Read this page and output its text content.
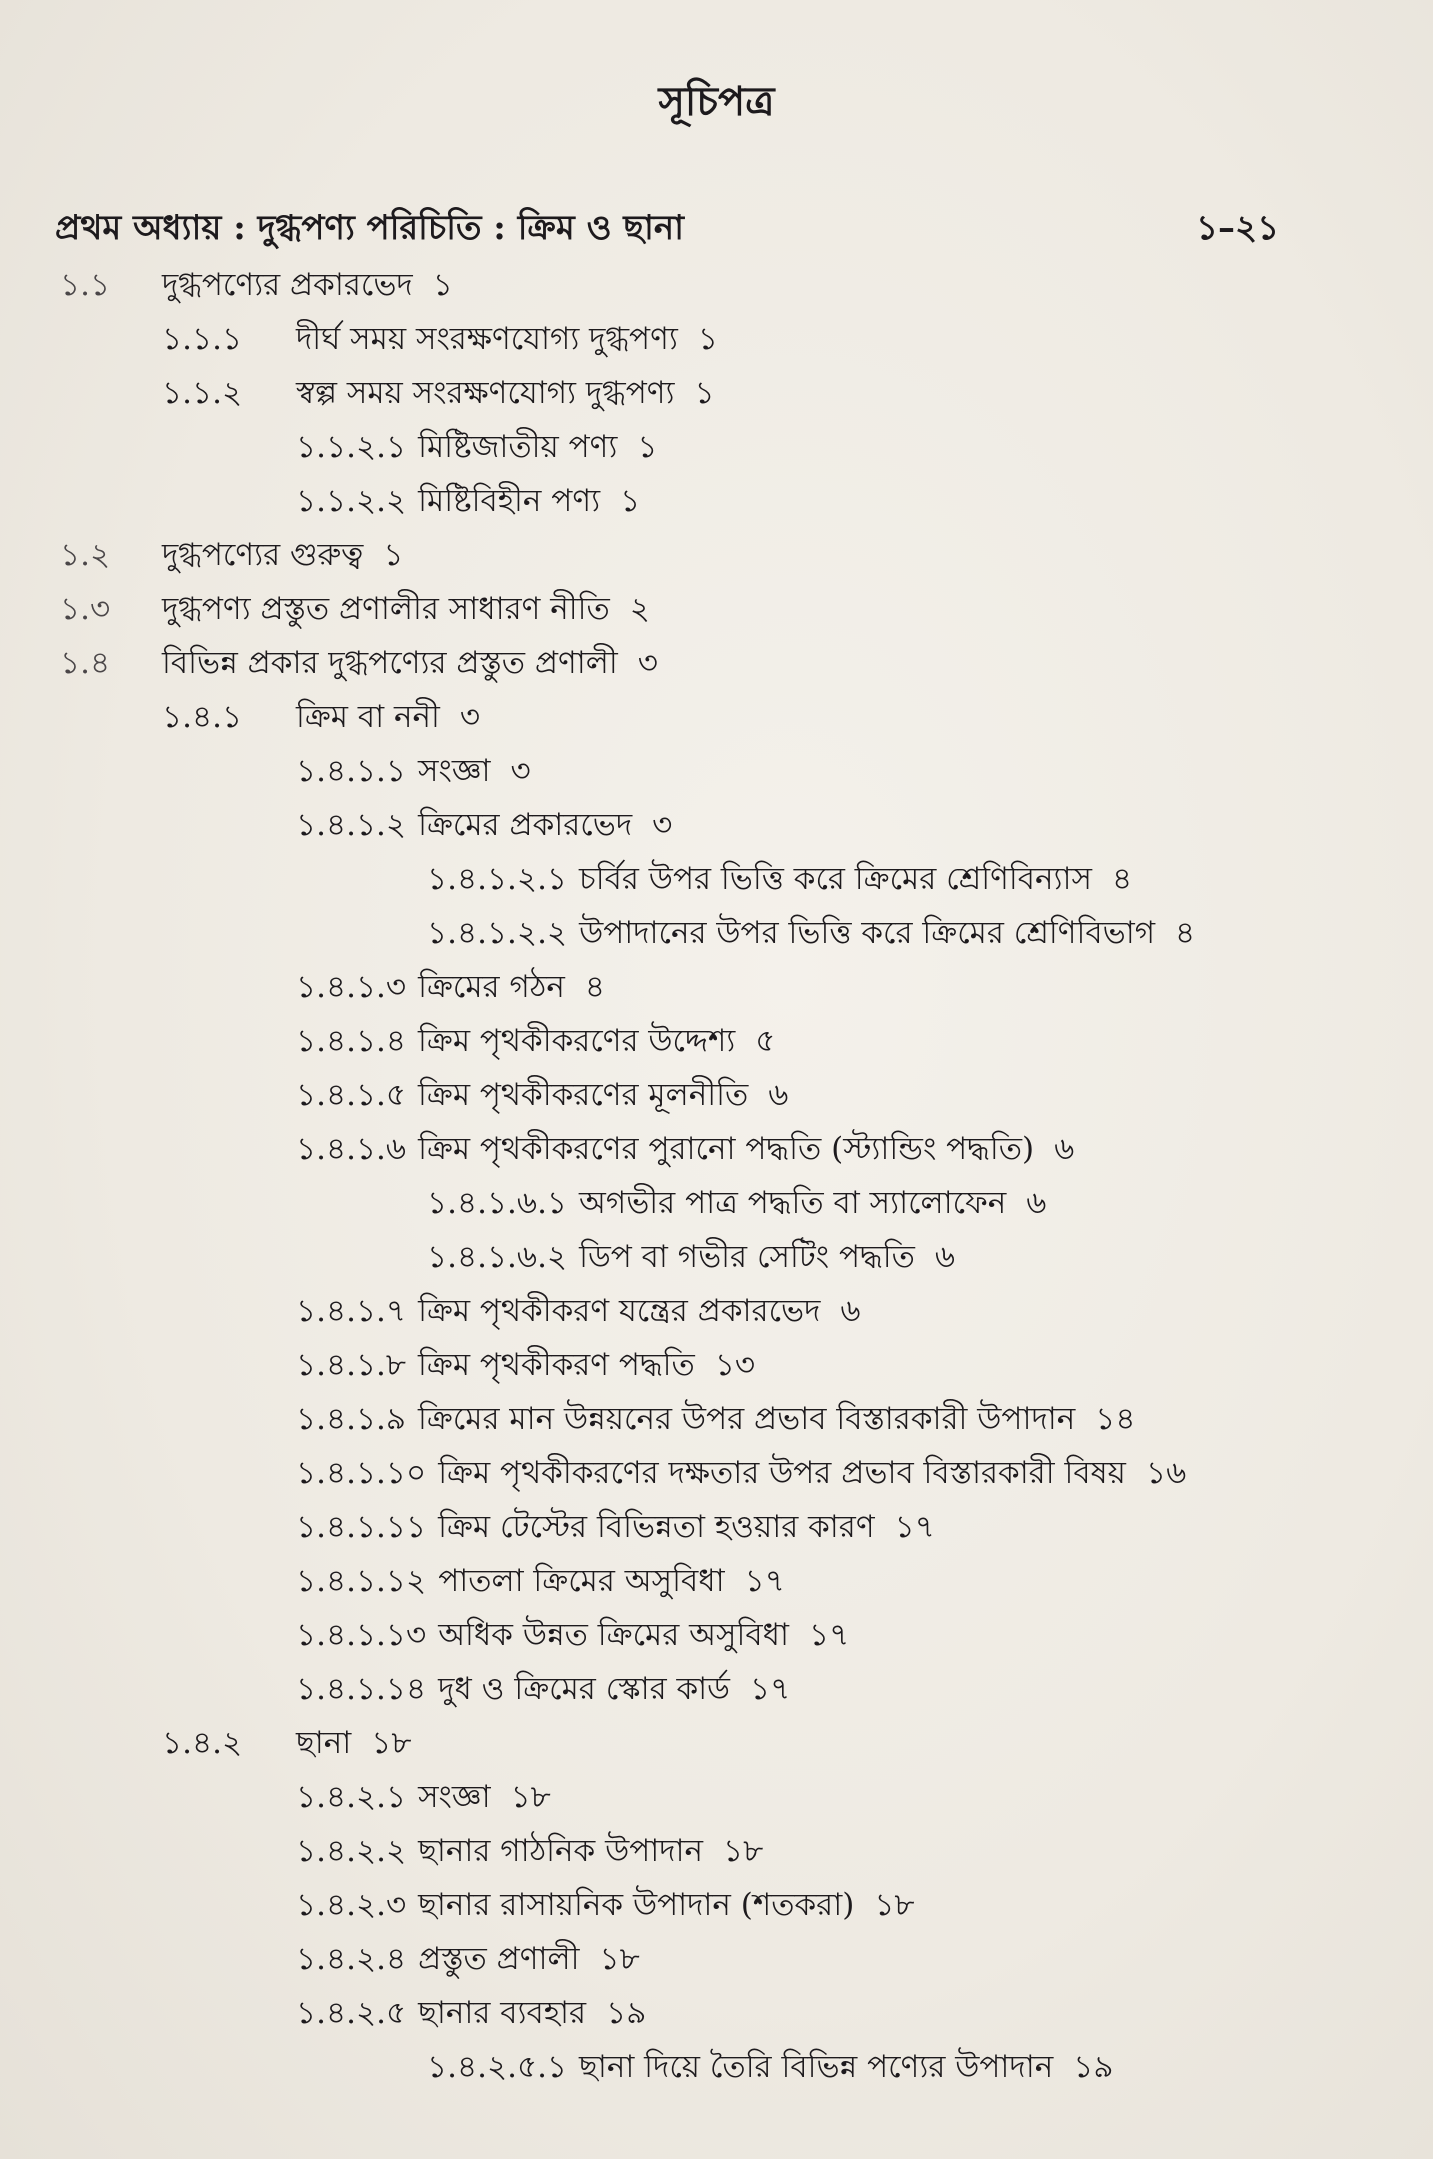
সূচিপত্র
প্রথম অধ্যায় : দুগ্ধপণ্য পরিচিতি : ক্রিম ও ছানা	১–২১
১.১ দুগ্ধপণ্যের প্রকারভেদ ১
১.১.১ দীর্ঘ সময় সংরক্ষণযোগ্য দুগ্ধপণ্য ১
১.১.২ স্বল্প সময় সংরক্ষণযোগ্য দুগ্ধপণ্য ১
১.১.২.১ মিষ্টিজাতীয় পণ্য ১
১.১.২.২ মিষ্টিবিহীন পণ্য ১
১.২ দুগ্ধপণ্যের গুরুত্ব ১
১.৩ দুগ্ধপণ্য প্রস্তুত প্রণালীর সাধারণ নীতি ২
১.৪ বিভিন্ন প্রকার দুগ্ধপণ্যের প্রস্তুত প্রণালী ৩
১.৪.১ ক্রিম বা ননী ৩
১.৪.১.১ সংজ্ঞা ৩
১.৪.১.২ ক্রিমের প্রকারভেদ ৩
১.৪.১.২.১ চর্বির উপর ভিত্তি করে ক্রিমের শ্রেণিবিন্যাস ৪
১.৪.১.২.২ উপাদানের উপর ভিত্তি করে ক্রিমের শ্রেণিবিভাগ ৪
১.৪.১.৩ ক্রিমের গঠন ৪
১.৪.১.৪ ক্রিম পৃথকীকরণের উদ্দেশ্য ৫
১.৪.১.৫ ক্রিম পৃথকীকরণের মূলনীতি ৬
১.৪.১.৬ ক্রিম পৃথকীকরণের পুরানো পদ্ধতি (স্ট্যান্ডিং পদ্ধতি) ৬
১.৪.১.৬.১ অগভীর পাত্র পদ্ধতি বা স্যালোফেন ৬
১.৪.১.৬.২ ডিপ বা গভীর সেটিং পদ্ধতি ৬
১.৪.১.৭ ক্রিম পৃথকীকরণ যন্ত্রের প্রকারভেদ ৬
১.৪.১.৮ ক্রিম পৃথকীকরণ পদ্ধতি ১৩
১.৪.১.৯ ক্রিমের মান উন্নয়নের উপর প্রভাব বিস্তারকারী উপাদান ১৪
১.৪.১.১০ ক্রিম পৃথকীকরণের দক্ষতার উপর প্রভাব বিস্তারকারী বিষয় ১৬
১.৪.১.১১ ক্রিম টেস্টের বিভিন্নতা হওয়ার কারণ ১৭
১.৪.১.১২ পাতলা ক্রিমের অসুবিধা ১৭
১.৪.১.১৩ অধিক উন্নত ক্রিমের অসুবিধা ১৭
১.৪.১.১৪ দুধ ও ক্রিমের স্কোর কার্ড ১৭
১.৪.২ ছানা ১৮
১.৪.২.১ সংজ্ঞা ১৮
১.৪.২.২ ছানার গাঠনিক উপাদান ১৮
১.৪.২.৩ ছানার রাসায়নিক উপাদান (শতকরা) ১৮
১.৪.২.৪ প্রস্তুত প্রণালী ১৮
১.৪.২.৫ ছানার ব্যবহার ১৯
১.৪.২.৫.১ ছানা দিয়ে তৈরি বিভিন্ন পণ্যের উপাদান ১৯
